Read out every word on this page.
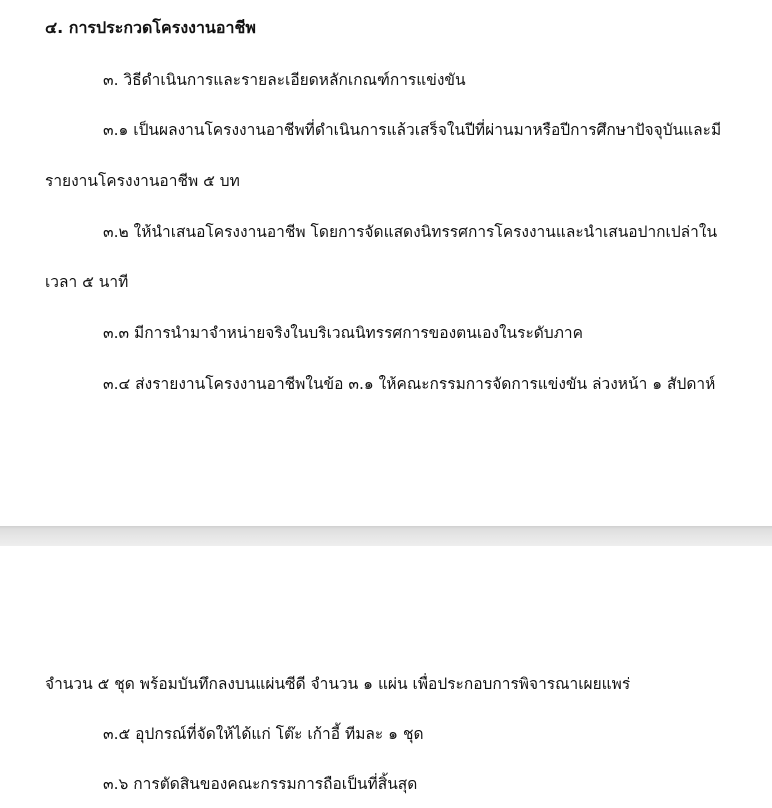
๔. การประกวดโครงงานอาชีพ
๓. วิธีดำเนินการและรายละเอียดหลักเกณฑ์การแข่งขัน
๓.๑ เป็นผลงานโครงงานอาชีพที่ดำเนินการแล้วเสร็จในปีที่ผ่านมาหรือปีการศึกษาปัจจุบันและมี
รายงานโครงงานอาชีพ ๕ บท
๓.๒ ให้นำเสนอโครงงานอาชีพ โดยการจัดแสดงนิทรรศการโครงงานและนำเสนอปากเปล่าใน
เวลา ๕ นาที
๓.๓ มีการนำมาจำหน่ายจริงในบริเวณนิทรรศการของตนเองในระดับภาค
๓.๔ ส่งรายงานโครงงานอาชีพในข้อ ๓.๑ ให้คณะกรรมการจัดการแข่งขัน ล่วงหน้า ๑ สัปดาห์
จำนวน ๕ ชุด พร้อมบันทึกลงบนแผ่นซีดี จำนวน ๑ แผ่น เพื่อประกอบการพิจารณาเผยแพร่
๓.๕ อุปกรณ์ที่จัดให้ได้แก่ โต๊ะ เก้าอี้ ทีมละ ๑ ชุด
๓.๖ การตัดสินของคณะกรรมการถือเป็นที่สิ้นสุด
